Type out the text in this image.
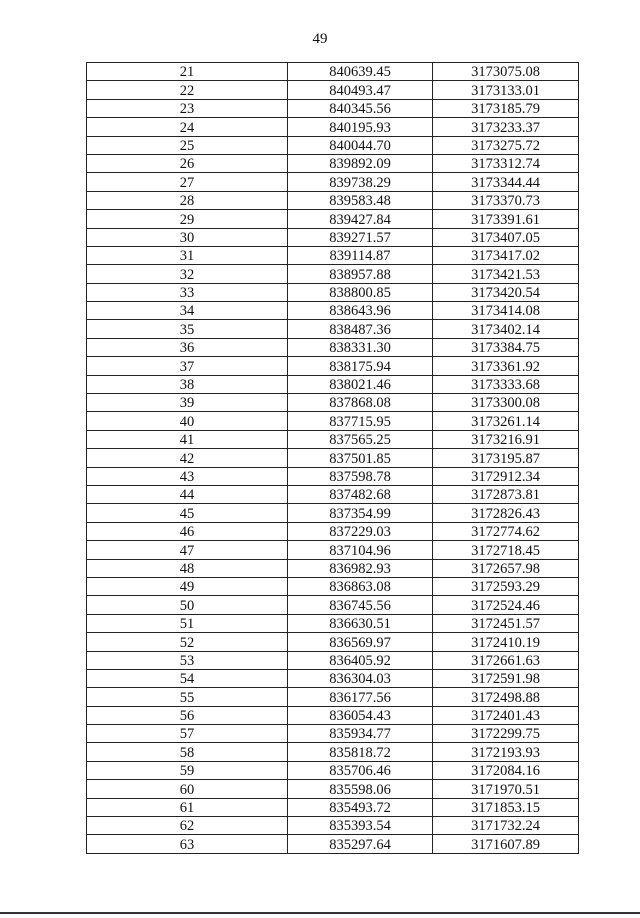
49
21	840639.45	3173075.08
22	840493.47	3173133.01
23	840345.56	3173185.79
24	840195.93	3173233.37
25	840044.70	3173275.72
26	839892.09	3173312.74
27	839738.29	3173344.44
28	839583.48	3173370.73
29	839427.84	3173391.61
30	839271.57	3173407.05
31	839114.87	3173417.02
32	838957.88	3173421.53
33	838800.85	3173420.54
34	838643.96	3173414.08
35	838487.36	3173402.14
36	838331.30	3173384.75
37	838175.94	3173361.92
38	838021.46	3173333.68
39	837868.08	3173300.08
40	837715.95	3173261.14
41	837565.25	3173216.91
42	837501.85	3173195.87
43	837598.78	3172912.34
44	837482.68	3172873.81
45	837354.99	3172826.43
46	837229.03	3172774.62
47	837104.96	3172718.45
48	836982.93	3172657.98
49	836863.08	3172593.29
50	836745.56	3172524.46
51	836630.51	3172451.57
52	836569.97	3172410.19
53	836405.92	3172661.63
54	836304.03	3172591.98
55	836177.56	3172498.88
56	836054.43	3172401.43
57	835934.77	3172299.75
58	835818.72	3172193.93
59	835706.46	3172084.16
60	835598.06	3171970.51
61	835493.72	3171853.15
62	835393.54	3171732.24
63	835297.64	3171607.89
